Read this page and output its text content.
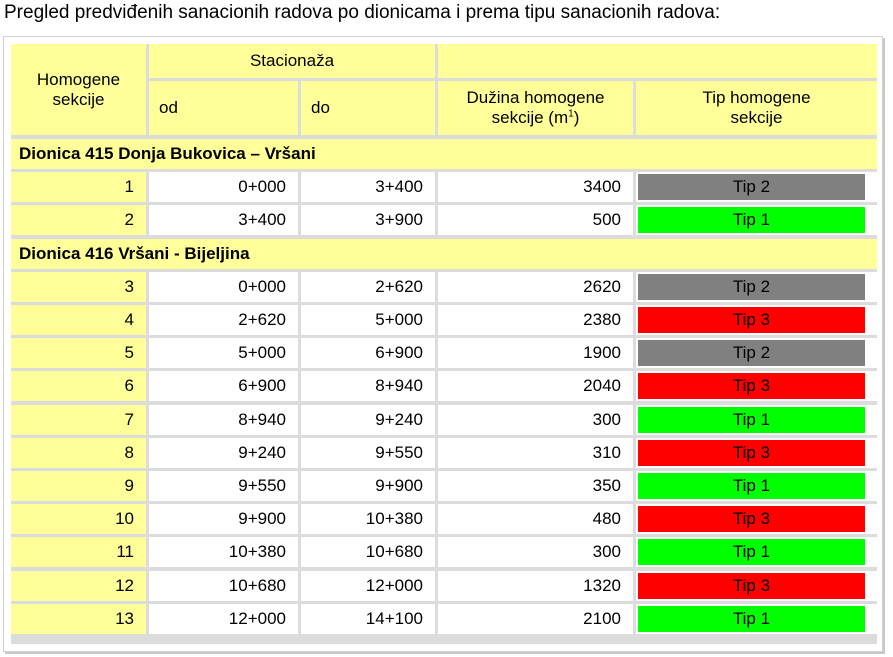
Pregled predviđenih sanacionih radova po dionicama i prema tipu sanacionih radova:
Homogene sekcije
Stacionaža
od	do
Dužina homogene sekcije $(m^1)$
Tip homogene sekcije
Dionica 415 Donja Bukovica – Vršani
1	0+000	3+400	3400	Tip 2
2	3+400	3+900	500	Tip 1
Dionica 416 Vršani - Bijeljina
3	0+000	2+620	2620	Tip 2
4	2+620	5+000	2380	Tip 3
5	5+000	6+900	1900	Tip 2
6	6+900	8+940	2040	Tip 3
7	8+940	9+240	300	Tip 1
8	9+240	9+550	310	Tip 3
9	9+550	9+900	350	Tip 1
10	9+900	10+380	480	Tip 3
11	10+380	10+680	300	Tip 1
12	10+680	12+000	1320	Tip 3
13	12+000	14+100	2100	Tip 1
